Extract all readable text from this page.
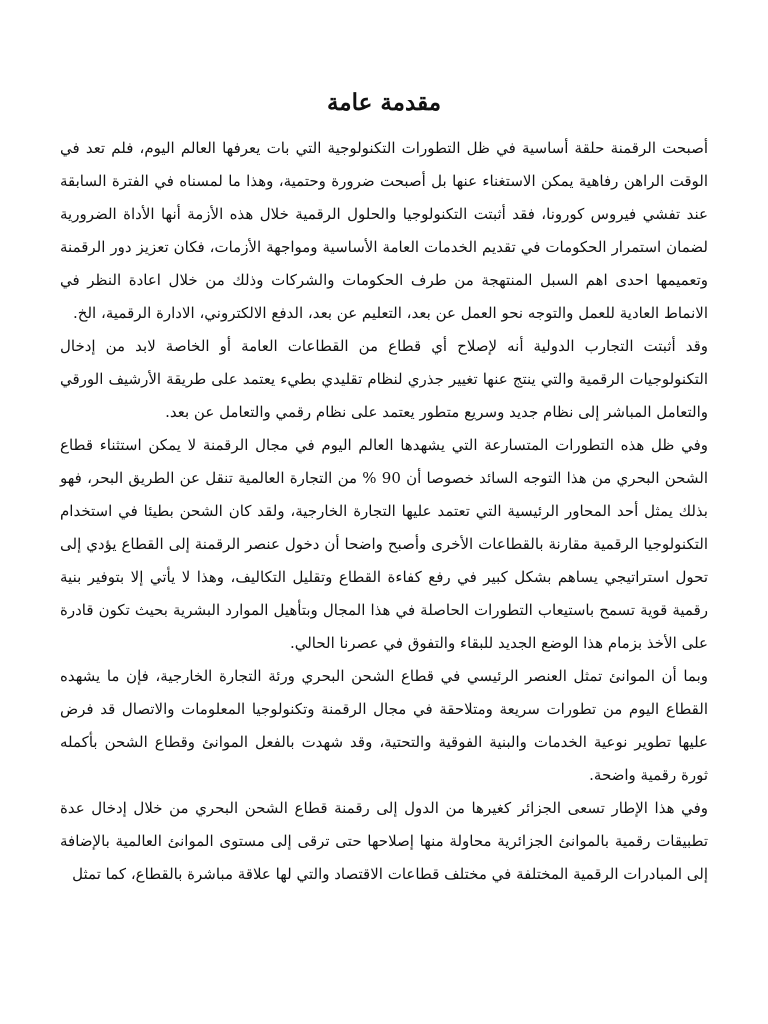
مقدمة عامة

أصبحت الرقمنة حلقة أساسية في ظل التطورات التكنولوجية التي بات يعرفها العالم اليوم، فلم تعد في الوقت الراهن رفاهية يمكن الاستغناء عنها بل أصبحت ضرورة وحتمية، وهذا ما لمسناه في الفترة السابقة عند تفشي فيروس كورونا، فقد أثبتت التكنولوجيا والحلول الرقمية خلال هذه الأزمة أنها الأداة الضرورية لضمان استمرار الحكومات في تقديم الخدمات العامة الأساسية ومواجهة الأزمات، فكان تعزيز دور الرقمنة وتعميمها احدى اهم السبل المنتهجة من طرف الحكومات والشركات وذلك من خلال اعادة النظر في الانماط العادية للعمل والتوجه نحو العمل عن بعد، التعليم عن بعد، الدفع الالكتروني، الادارة الرقمية، الخ.

وقد أثبتت التجارب الدولية أنه لإصلاح أي قطاع من القطاعات العامة أو الخاصة لابد من إدخال التكنولوجيات الرقمية والتي ينتج عنها تغيير جذري لنظام تقليدي بطيء يعتمد على طريقة الأرشيف الورقي والتعامل المباشر إلى نظام جديد وسريع متطور يعتمد على نظام رقمي والتعامل عن بعد.

وفي ظل هذه التطورات المتسارعة التي يشهدها العالم اليوم في مجال الرقمنة لا يمكن استثناء قطاع الشحن البحري من هذا التوجه السائد خصوصا أن 90 % من التجارة العالمية تنقل عن الطريق البحر، فهو بذلك يمثل أحد المحاور الرئيسية التي تعتمد عليها التجارة الخارجية، ولقد كان الشحن بطيئا في استخدام التكنولوجيا الرقمية مقارنة بالقطاعات الأخرى وأصبح واضحا أن دخول عنصر الرقمنة إلى القطاع يؤدي إلى تحول استراتيجي يساهم بشكل كبير في رفع كفاءة القطاع وتقليل التكاليف، وهذا لا يأتي إلا بتوفير بنية رقمية قوية تسمح باستيعاب التطورات الحاصلة في هذا المجال وبتأهيل الموارد البشرية بحيث تكون قادرة على الأخذ بزمام هذا الوضع الجديد للبقاء والتفوق في عصرنا الحالي.

وبما أن الموانئ تمثل العنصر الرئيسي في قطاع الشحن البحري ورئة التجارة الخارجية، فإن ما يشهده القطاع اليوم من تطورات سريعة ومتلاحقة في مجال الرقمنة وتكنولوجيا المعلومات والاتصال قد فرض عليها تطوير نوعية الخدمات والبنية الفوقية والتحتية، وقد شهدت بالفعل الموانئ وقطاع الشحن بأكمله ثورة رقمية واضحة.

وفي هذا الإطار تسعى الجزائر كغيرها من الدول إلى رقمنة قطاع الشحن البحري من خلال إدخال عدة تطبيقات رقمية بالموانئ الجزائرية محاولة منها إصلاحها حتى ترقى إلى مستوى الموانئ العالمية بالإضافة إلى المبادرات الرقمية المختلفة في مختلف قطاعات الاقتصاد والتي لها علاقة مباشرة بالقطاع، كما تمثل
